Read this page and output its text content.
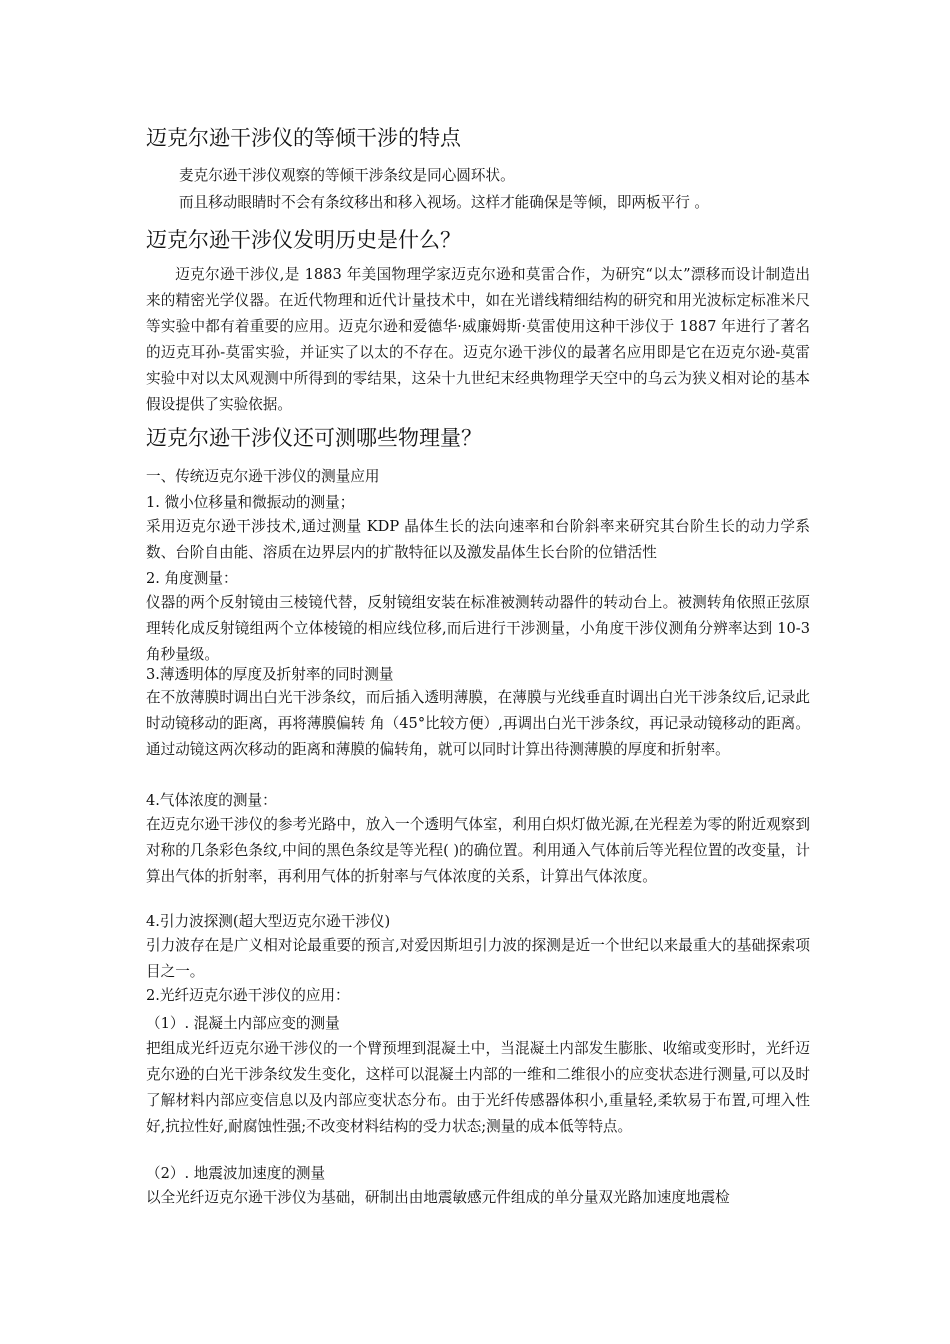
迈克尔逊干涉仪的等倾干涉的特点
麦克尔逊干涉仪观察的等倾干涉条纹是同心圆环状。
而且移动眼睛时不会有条纹移出和移入视场。这样才能确保是等倾，即两板平行 。
迈克尔逊干涉仪发明历史是什么？
迈克尔逊干涉仪,是 1883 年美国物理学家迈克尔逊和莫雷合作，为研究“以太”漂移而设计制造出来的精密光学仪器。在近代物理和近代计量技术中，如在光谱线精细结构的研究和用光波标定标准米尺等实验中都有着重要的应用。迈克尔逊和爱德华·威廉姆斯·莫雷使用这种干涉仪于 1887 年进行了著名的迈克耳孙-莫雷实验，并证实了以太的不存在。迈克尔逊干涉仪的最著名应用即是它在迈克尔逊-莫雷实验中对以太风观测中所得到的零结果，这朵十九世纪末经典物理学天空中的乌云为狭义相对论的基本假设提供了实验依据。
迈克尔逊干涉仪还可测哪些物理量？
一、传统迈克尔逊干涉仪的测量应用
1. 微小位移量和微振动的测量；
采用迈克尔逊干涉技术,通过测量 KDP 晶体生长的法向速率和台阶斜率来研究其台阶生长的动力学系数、台阶自由能、溶质在边界层内的扩散特征以及激发晶体生长台阶的位错活性
2. 角度测量：
仪器的两个反射镜由三棱镜代替，反射镜组安装在标准被测转动器件的转动台上。被测转角依照正弦原理转化成反射镜组两个立体棱镜的相应线位移,而后进行干涉测量，小角度干涉仪测角分辨率达到 10-3 角秒量级。
3.薄透明体的厚度及折射率的同时测量
在不放薄膜时调出白光干涉条纹，而后插入透明薄膜，在薄膜与光线垂直时调出白光干涉条纹后,记录此时动镜移动的距离，再将薄膜偏转 角（45°比较方便）,再调出白光干涉条纹，再记录动镜移动的距离。通过动镜这两次移动的距离和薄膜的偏转角，就可以同时计算出待测薄膜的厚度和折射率。
4.气体浓度的测量：
在迈克尔逊干涉仪的参考光路中，放入一个透明气体室，利用白炽灯做光源,在光程差为零的附近观察到对称的几条彩色条纹,中间的黑色条纹是等光程( )的确位置。利用通入气体前后等光程位置的改变量，计算出气体的折射率，再利用气体的折射率与气体浓度的关系，计算出气体浓度。
4.引力波探测(超大型迈克尔逊干涉仪)
引力波存在是广义相对论最重要的预言,对爱因斯坦引力波的探测是近一个世纪以来最重大的基础探索项目之一。
2.光纤迈克尔逊干涉仪的应用：
（1）. 混凝土内部应变的测量
把组成光纤迈克尔逊干涉仪的一个臂预埋到混凝土中，当混凝土内部发生膨胀、收缩或变形时，光纤迈克尔逊的白光干涉条纹发生变化，这样可以混凝土内部的一维和二维很小的应变状态进行测量,可以及时了解材料内部应变信息以及内部应变状态分布。由于光纤传感器体积小,重量轻,柔软易于布置,可埋入性好,抗拉性好,耐腐蚀性强;不改变材料结构的受力状态;测量的成本低等特点。
（2）. 地震波加速度的测量
以全光纤迈克尔逊干涉仪为基础，研制出由地震敏感元件组成的单分量双光路加速度地震检
